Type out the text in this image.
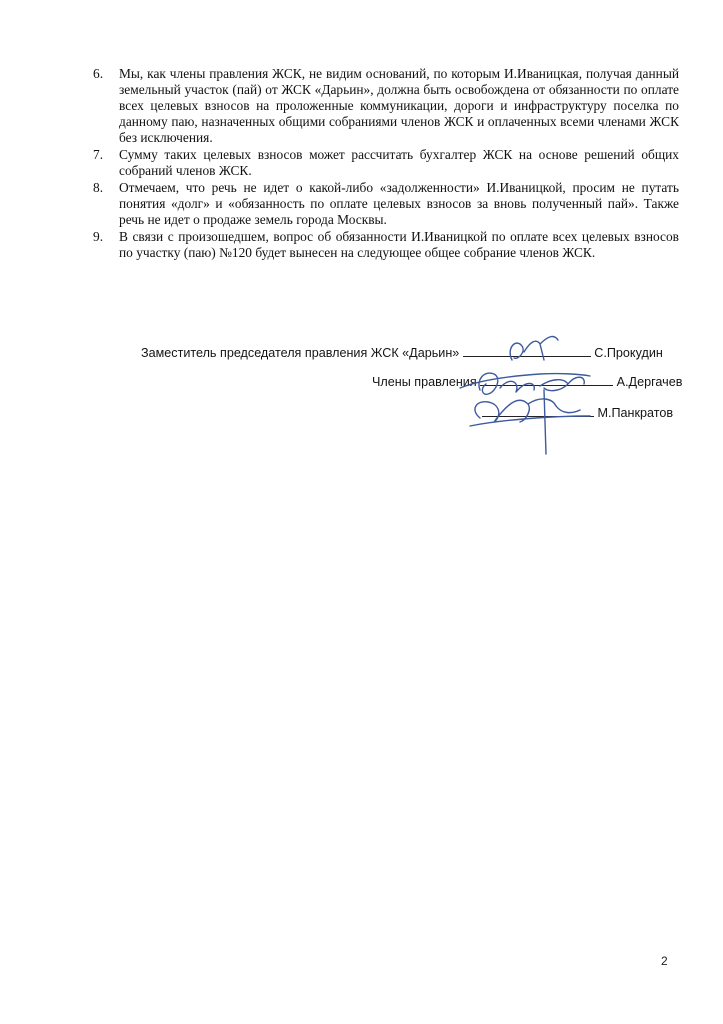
6. Мы, как члены правления ЖСК, не видим оснований, по которым И.Иваницкая, получая данный земельный участок (пай) от ЖСК «Дарьин», должна быть освобождена от обязанности по оплате всех целевых взносов на проложенные коммуникации, дороги и инфраструктуру поселка по данному паю, назначенных общими собраниями членов ЖСК и оплаченных всеми членами ЖСК без исключения.
7. Сумму таких целевых взносов может рассчитать бухгалтер ЖСК на основе решений общих собраний членов ЖСК.
8. Отмечаем, что речь не идет о какой-либо «задолженности» И.Иваницкой, просим не путать понятия «долг» и «обязанность по оплате целевых взносов за вновь полученный пай». Также речь не идет о продаже земель города Москвы.
9. В связи с произошедшем, вопрос об обязанности И.Иваницкой по оплате всех целевых взносов по участку (паю) №120 будет вынесен на следующее общее собрание членов ЖСК.
Заместитель председателя правления ЖСК «Дарьин»	С.Прокудин
Члены правления	А.Дергачев
М.Панкратов
2
